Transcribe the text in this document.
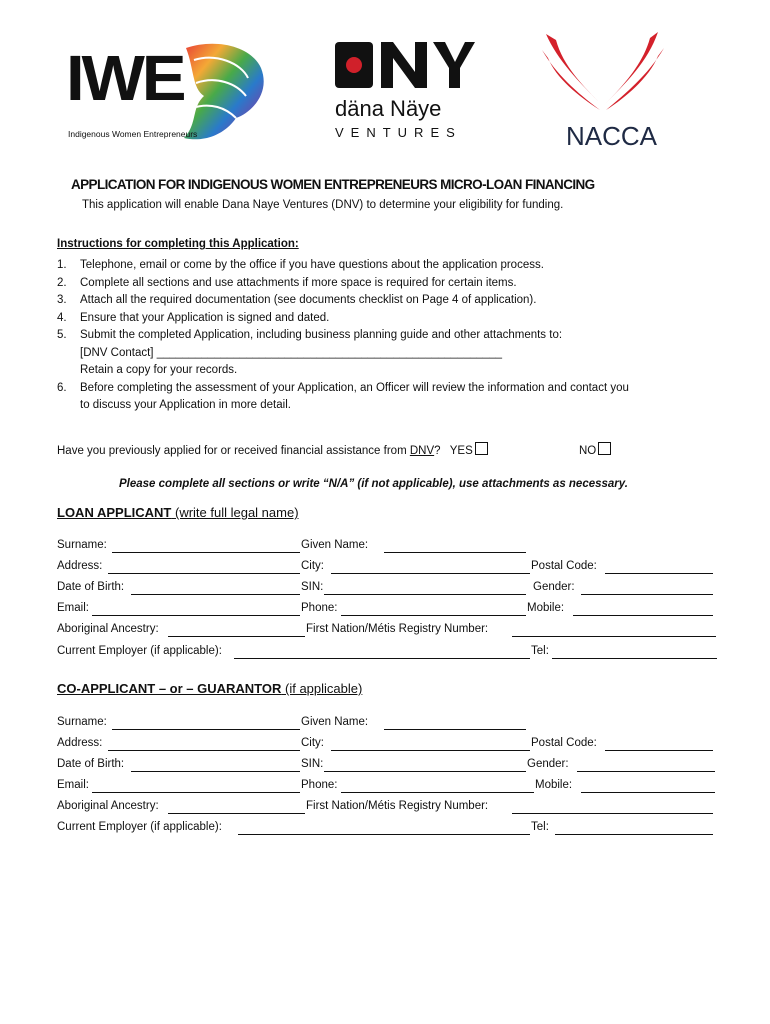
IWE
Indigenous Women Entrepreneurs
däna Näye
VENTURES	NACCA
APPLICATION FOR INDIGENOUS WOMEN ENTREPRENEURS MICRO-LOAN FINANCING
This application will enable Dana Naye Ventures (DNV) to determine your eligibility for funding.
Instructions for completing this Application:
1. Telephone, email or come by the office if you have questions about the application process.
2. Complete all sections and use attachments if more space is required for certain items.
3. Attach all the required documentation (see documents checklist on Page 4 of application).
4. Ensure that your Application is signed and dated.
5. Submit the completed Application, including business planning guide and other attachments to:
[DNV Contact] ______________________________________________________
Retain a copy for your records.
6. Before completing the assessment of your Application, an Officer will review the information and contact you
to discuss your Application in more detail.
Have you previously applied for or received financial assistance from DNV? YES	NO
Please complete all sections or write “N/A” (if not applicable), use attachments as necessary.
LOAN APPLICANT (write full legal name)
Surname:	Given Name:
Address:	City:	Postal Code:
Date of Birth:	SIN:	Gender:
Email:	Phone:	Mobile:
Aboriginal Ancestry:	First Nation/Métis Registry Number:
Current Employer (if applicable):	Tel:
CO-APPLICANT – or – GUARANTOR (if applicable)
Surname:	Given Name:
Address:	City:	Postal Code:
Date of Birth:	SIN:	Gender:
Email:	Phone:	Mobile:
Aboriginal Ancestry:	First Nation/Métis Registry Number:
Current Employer (if applicable):	Tel:
